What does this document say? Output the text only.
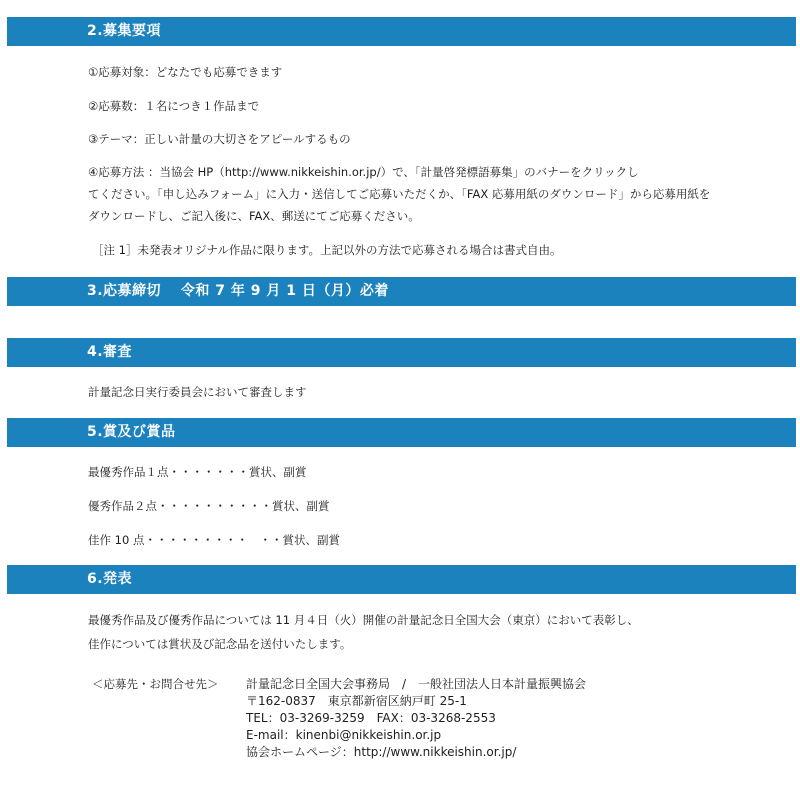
2.募集要項
①応募対象：どなたでも応募できます
②応募数：１名につき１作品まで
③テーマ：正しい計量の大切さをアピールするもの
④応募方法 ：当協会 HP（http://www.nikkeishin.or.jp/）で、「計量啓発標語募集」のバナーをクリックし
てください。「申し込みフォーム」に入力・送信してご応募いただくか、「FAX 応募用紙のダウンロード」から応募用紙を
ダウンロードし、ご記入後に、FAX、郵送にてご応募ください。
［注 1］未発表オリジナル作品に限ります。上記以外の方法で応募される場合は書式自由。
3.応募締切　 令和 7 年 9 月 1 日（月）必着
4.審査
計量記念日実行委員会において審査します
5.賞及び賞品
最優秀作品１点・・・・・・・賞状、副賞
優秀作品２点・・・・・・・・・・賞状、副賞
佳作 10 点・・・・・・・・・　・・賞状、副賞
6.発表
最優秀作品及び優秀作品については 11 月４日（火）開催の計量記念日全国大会（東京）において表彰し、
佳作については賞状及び記念品を送付いたします。
＜応募先・お問合せ先＞ 計量記念日全国大会事務局　/　一般社団法人日本計量振興協会
〒162-0837　東京都新宿区納戸町 25-1
TEL：03-3269-3259　FAX：03-3268-2553
E-mail：kinenbi@nikkeishin.or.jp
協会ホームページ：http://www.nikkeishin.or.jp/
